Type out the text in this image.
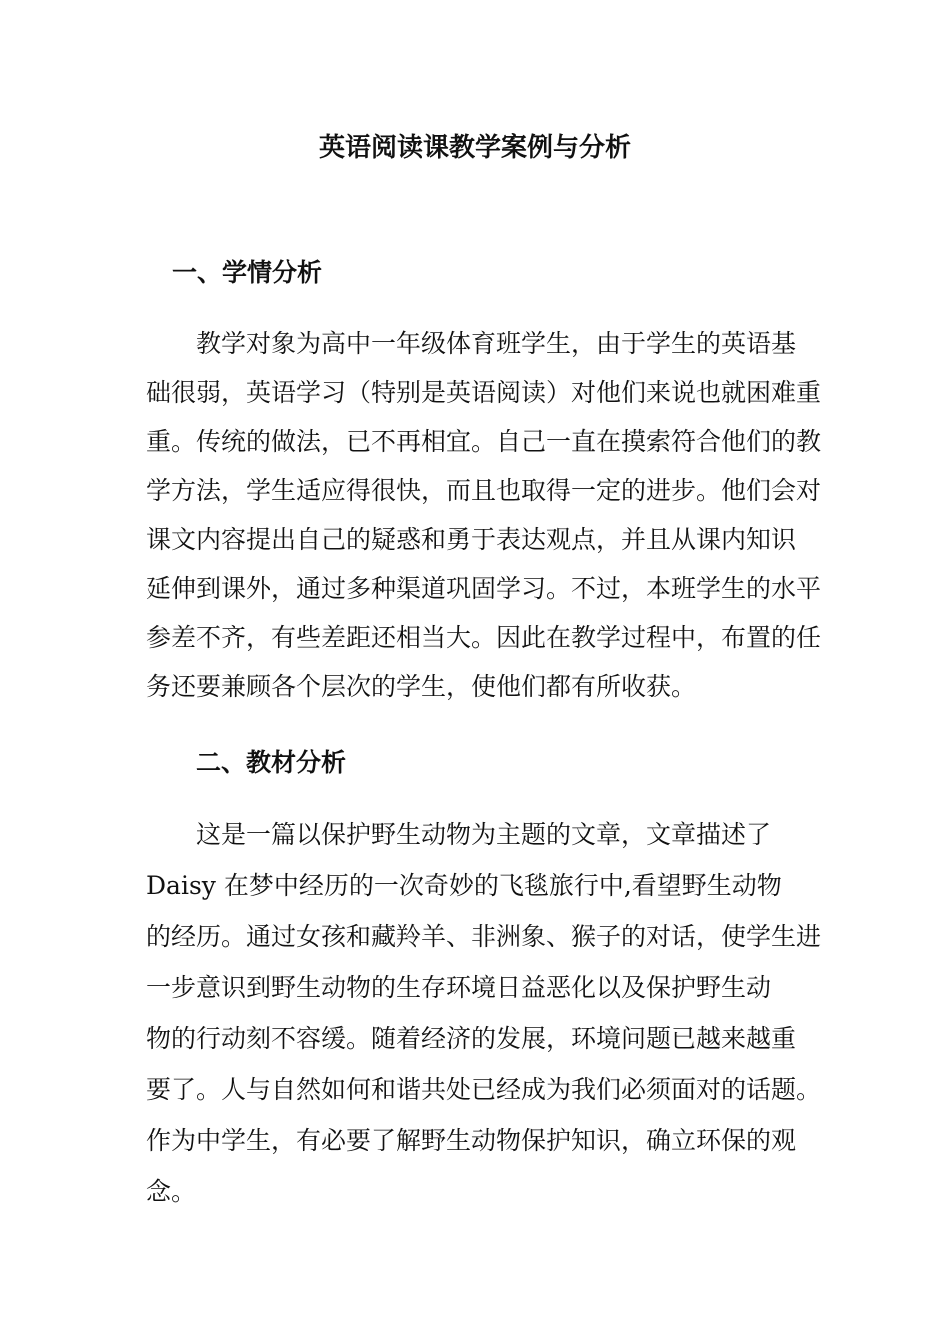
英语阅读课教学案例与分析
一、学情分析
教学对象为高中一年级体育班学生，由于学生的英语基
础很弱，英语学习（特别是英语阅读）对他们来说也就困难重
重。传统的做法，已不再相宜。自己一直在摸索符合他们的教
学方法，学生适应得很快，而且也取得一定的进步。他们会对
课文内容提出自己的疑惑和勇于表达观点，并且从课内知识
延伸到课外，通过多种渠道巩固学习。不过，本班学生的水平
参差不齐，有些差距还相当大。因此在教学过程中，布置的任
务还要兼顾各个层次的学生，使他们都有所收获。
二、教材分析
这是一篇以保护野生动物为主题的文章，文章描述了
Daisy 在梦中经历的一次奇妙的飞毯旅行中,看望野生动物
的经历。通过女孩和藏羚羊、非洲象、猴子的对话，使学生进
一步意识到野生动物的生存环境日益恶化以及保护野生动
物的行动刻不容缓。随着经济的发展，环境问题已越来越重
要了。人与自然如何和谐共处已经成为我们必须面对的话题。
作为中学生，有必要了解野生动物保护知识，确立环保的观
念。
